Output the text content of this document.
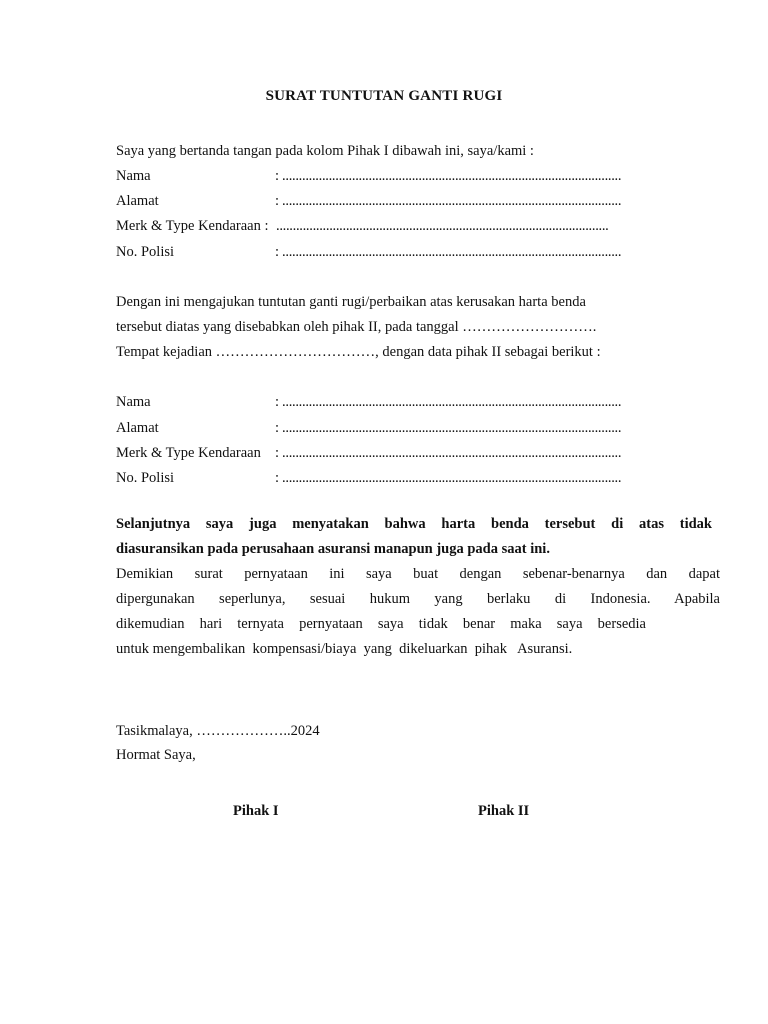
SURAT TUNTUTAN GANTI RUGI
Saya yang bertanda tangan pada kolom Pihak I dibawah ini, saya/kami :
Nama	: ......................................................................................................
Alamat	: ......................................................................................................
Merk & Type Kendaraan : ....................................................................................................
No. Polisi	: ......................................................................................................
Dengan ini mengajukan tuntutan ganti rugi/perbaikan atas kerusakan harta benda
tersebut diatas yang disebabkan oleh pihak II, pada tanggal ……………………….
Tempat kejadian ……………………………, dengan data pihak II sebagai berikut :
Nama	: ......................................................................................................
Alamat	: ......................................................................................................
Merk & Type Kendaraan : ......................................................................................................
No. Polisi	: ......................................................................................................
Selanjutnya saya juga menyatakan bahwa harta benda tersebut di atas tidak
diasuransikan pada perusahaan asuransi manapun juga pada saat ini.
Demikian surat pernyataan ini saya buat dengan sebenar-benarnya dan dapat
dipergunakan seperlunya, sesuai hukum yang berlaku di Indonesia. Apabila
dikemudian hari ternyata pernyataan saya tidak benar maka saya bersedia
untuk mengembalikan  kompensasi/biaya  yang  dikeluarkan  pihak   Asuransi.
Tasikmalaya, ………………..2024
Hormat Saya,
Pihak I	Pihak II
